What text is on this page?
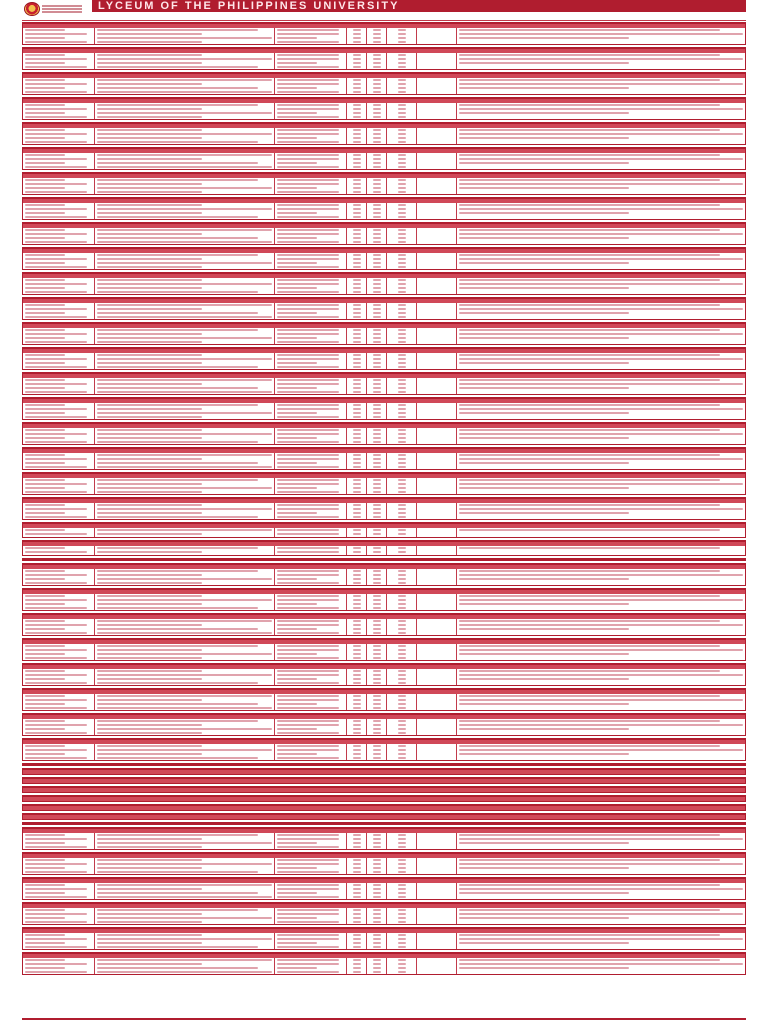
LYCEUM OF THE PHILIPPINES UNIVERSITY
